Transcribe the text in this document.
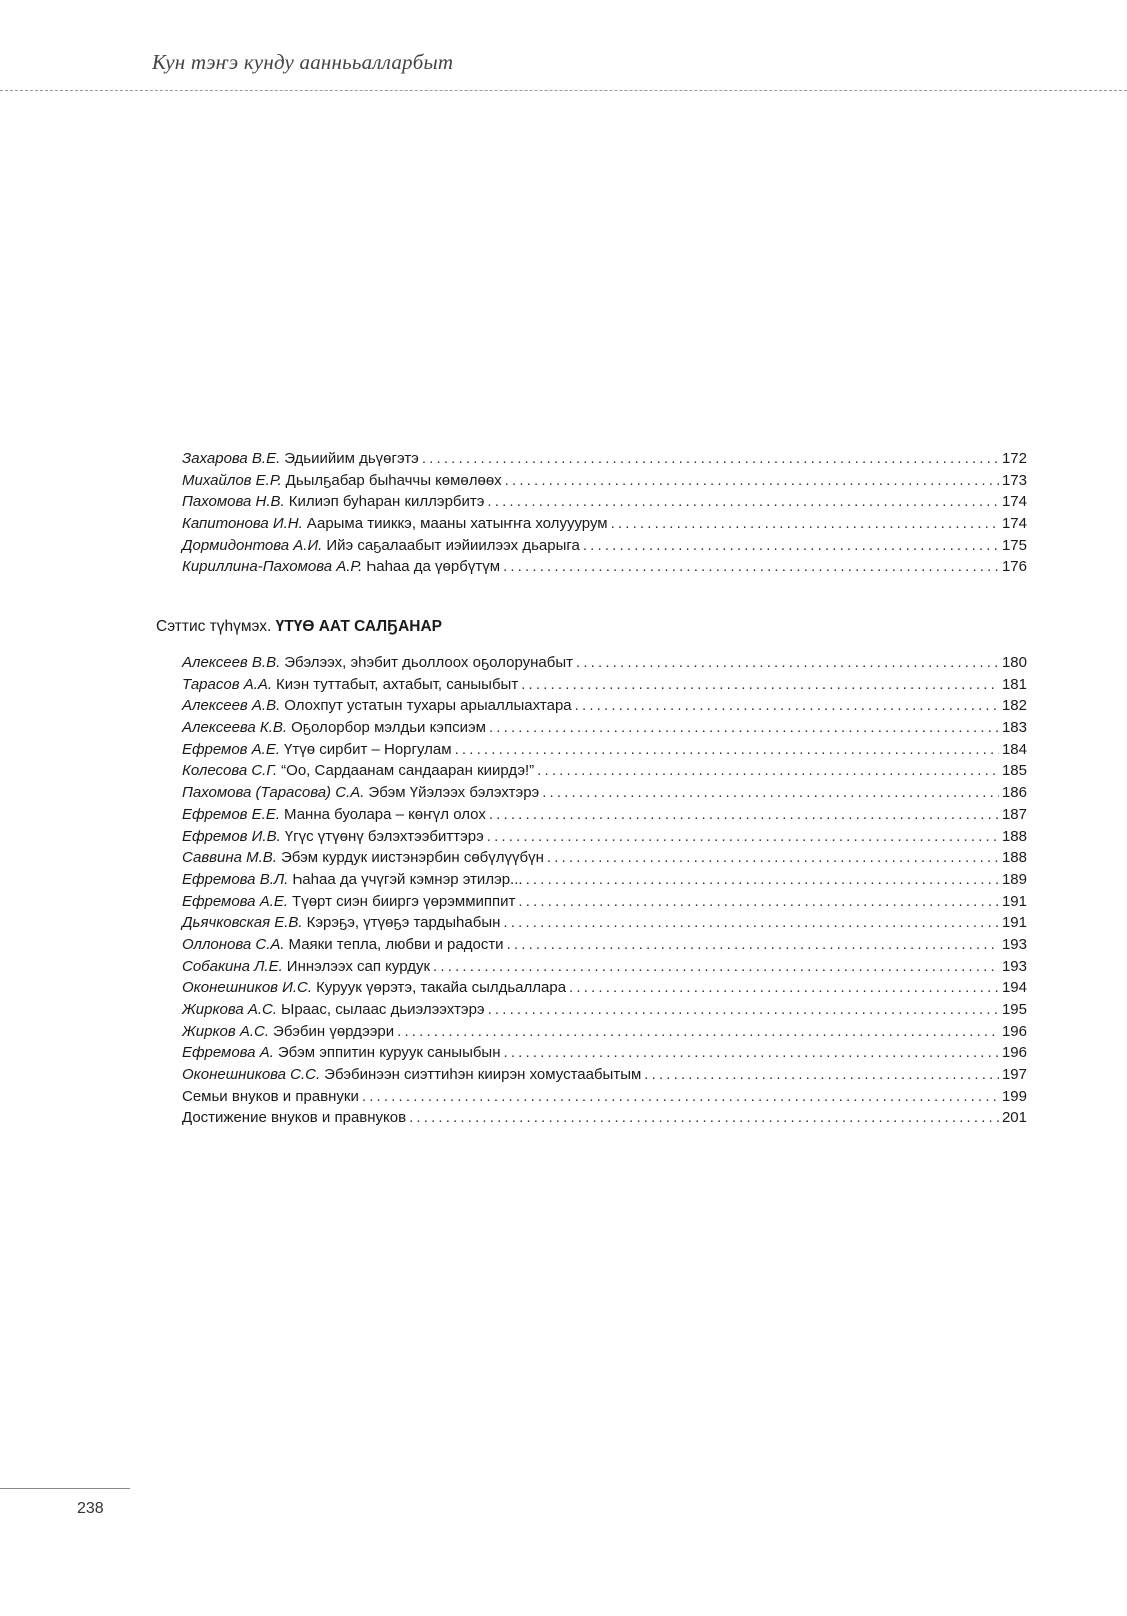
Кун тэҥэ кунду ааннььалларбыт
Захарова В.Е. Эдьиийим дьүөгэтэ . . .	172
Михайлов Е.Р. Дьылҕабар быһаччы көмөлөөх . . .	173
Пахомова Н.В. Килиэп буһаран киллэрбитэ . . .	174
Капитонова И.Н. Аарыма тииккэ, мааны хатыҥҥа холууурум . . .	174
Дормидонтова А.И. Ийэ саҕалаабыт иэйиилээх дьарыга . . .	175
Кириллина-Пахомова А.Р. Һаһаа да үөрбүтүм . . .	176
Сэттис түһүмэх. ҮТҮӨ ААТ САЛҔАНАР
Алексеев В.В. Эбэлээх, эһэбит дьоллоох оҕолорунабыт . . .	180
Тарасов А.А. Киэн туттабыт, ахтабыт, саныыбыт . . .	181
Алексеев А.В. Олохпут устатын тухары арыаллыахтара . . .	182
Алексеева К.В. Оҕолорбор мэлдьи кэпсиэм . . .	183
Ефремов А.Е. Үтүө сирбит – Норгулам . . .	184
Колесова С.Г. “Оо, Сардаанам сандааран киирдэ!” . . .	185
Пахомова (Тарасова) С.А. Эбэм Үйэлээх бэлэхтэрэ . . .	186
Ефремов Е.Е. Манна буолара – көҥүл олох . . .	187
Ефремов И.В. Үгүс үтүөнү бэлэхтээбиттэрэ . . .	188
Саввина М.В. Эбэм курдук иистэнэрбин сөбүлүүбүн . . .	188
Ефремова В.Л. Һаһаа да үчүгэй кэмнэр этилэр... . . .	189
Ефремова А.Е. Түөрт сиэн бииргэ үөрэммиппит . . .	191
Дьячковская Е.В. Кэрэҕэ, үтүөҕэ тардыһабын . . .	191
Оллонова С.А. Маяки тепла, любви и радости . . .	193
Собакина Л.Е. Иннэлээх сап курдук . . .	193
Оконешников И.С. Куруук үөрэтэ, такайа сылдьаллара . . .	194
Жиркова А.С. Ыраас, сылаас дьиэлээхтэрэ . . .	195
Жирков А.С. Эбэбин үөрдээри . . .	196
Ефремова А. Эбэм эппитин куруук саныыбын . . .	196
Оконешникова С.С. Эбэбинээн сиэттиһэн киирэн хомустаабытым . . .	197
Семьи внуков и правнуки . . .	199
Достижение внуков и правнуков . . .	201
238
